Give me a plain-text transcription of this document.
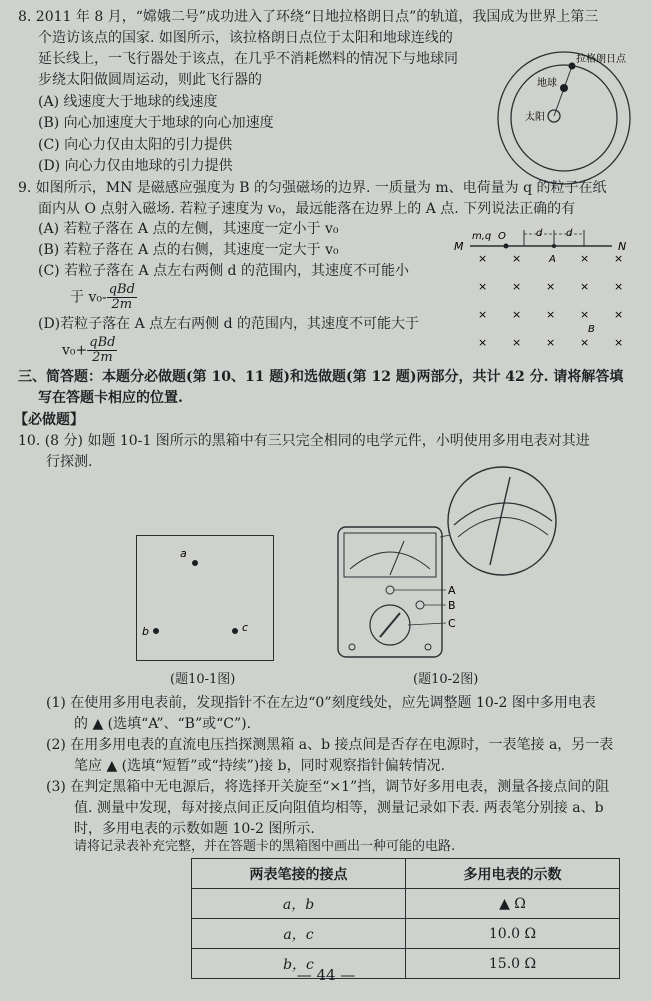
8. 2011 年 8 月，“嫦娥二号”成功进入了环绕“日地拉格朗日点”的轨道，我国成为世界上第三
个造访该点的国家. 如图所示，该拉格朗日点位于太阳和地球连线的
延长线上，一飞行器处于该点，在几乎不消耗燃料的情况下与地球同
步绕太阳做圆周运动，则此飞行器的
(A) 线速度大于地球的线速度
(B) 向心加速度大于地球的向心加速度
(C) 向心力仅由太阳的引力提供
(D) 向心力仅由地球的引力提供
拉格朗日点
地球
太阳
9. 如图所示，MN 是磁感应强度为 B 的匀强磁场的边界. 一质量为 m、电荷量为 q 的粒子在纸
面内从 O 点射入磁场. 若粒子速度为 v₀，最远能落在边界上的 A 点. 下列说法正确的有
(A) 若粒子落在 A 点的左侧，其速度一定小于 v₀
(B) 若粒子落在 A 点的右侧，其速度一定大于 v₀
(C) 若粒子落在 A 点左右两侧 d 的范围内，其速度不可能小
于 $v_0- \frac{\text{qBd}}{2m}$
(D)若粒子落在 A 点左右两侧 d 的范围内，其速度不可能大于
$v_0+ \frac{\text{qBd}}{2m}$
M	N
m,q O
A
d d
B
× ×	× ×
× × × × ×
× × × × ×
× × × × ×
三、简答题：本题分必做题(第 10、11 题)和选做题(第 12 题)两部分，共计 42 分. 请将解答填
写在答题卡相应的位置.
【必做题】
10. (8 分) 如题 10-1 图所示的黑箱中有三只完全相同的电学元件，小明使用多用电表对其进
行探测.
a
b	c
(题10-1图)
A
B
C
(题10-2图)
(1) 在使用多用电表前，发现指针不在左边“0”刻度线处，应先调整题 10-2 图中多用电表
的 ▲ (选填“A”、“B”或“C”).
(2) 在用多用电表的直流电压挡探测黑箱 a、b 接点间是否存在电源时，一表笔接 a，另一表
笔应 ▲ (选填“短暂”或“持续”)接 b，同时观察指针偏转情况.
(3) 在判定黑箱中无电源后，将选择开关旋至“×1”挡，调节好多用电表，测量各接点间的阻
值. 测量中发现，每对接点间正反向阻值均相等，测量记录如下表. 两表笔分别接 a、b
时，多用电表的示数如题 10-2 图所示.
请将记录表补充完整，并在答题卡的黑箱图中画出一种可能的电路.
两表笔接的接点	多用电表的示数
a，b	▲ Ω
a，c	10.0 Ω
b，c	15.0 Ω
— 44 —
